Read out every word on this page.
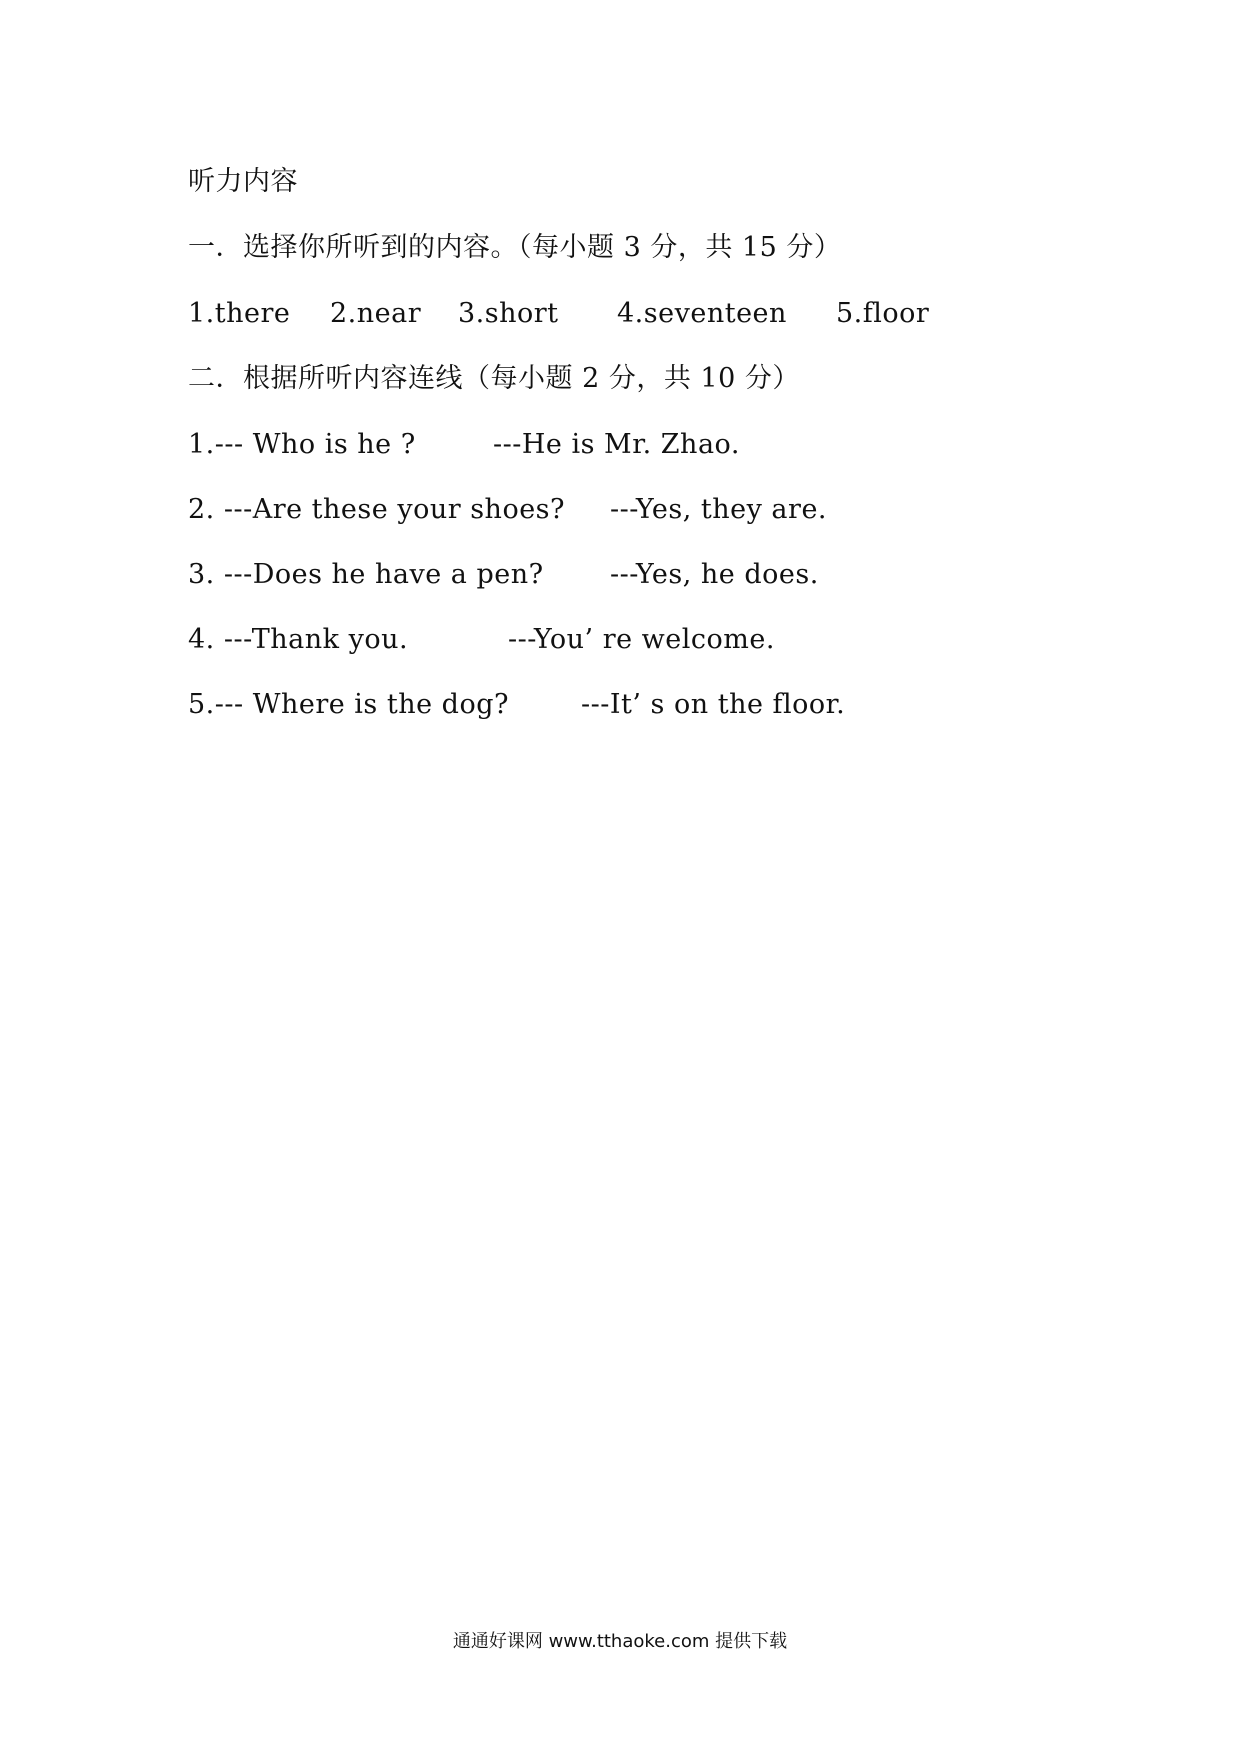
听力内容
一．选择你所听到的内容。（每小题 3 分，共 15 分）

1.there

2.near

3.short

4.seventeen

5.floor

二．根据所听内容连线（每小题 2 分，共 10 分）

1.--- Who is he ?

	---He is Mr. Zhao.

2. ---Are these your shoes?

---Yes, they are.

3. ---Does he have a pen?

---Yes, he does.

4. ---Thank you.

	---You’ re welcome.

5.--- Where is the dog?

	---It’ s on the floor.

通通好课网 www.tthaoke.com 提供下载
